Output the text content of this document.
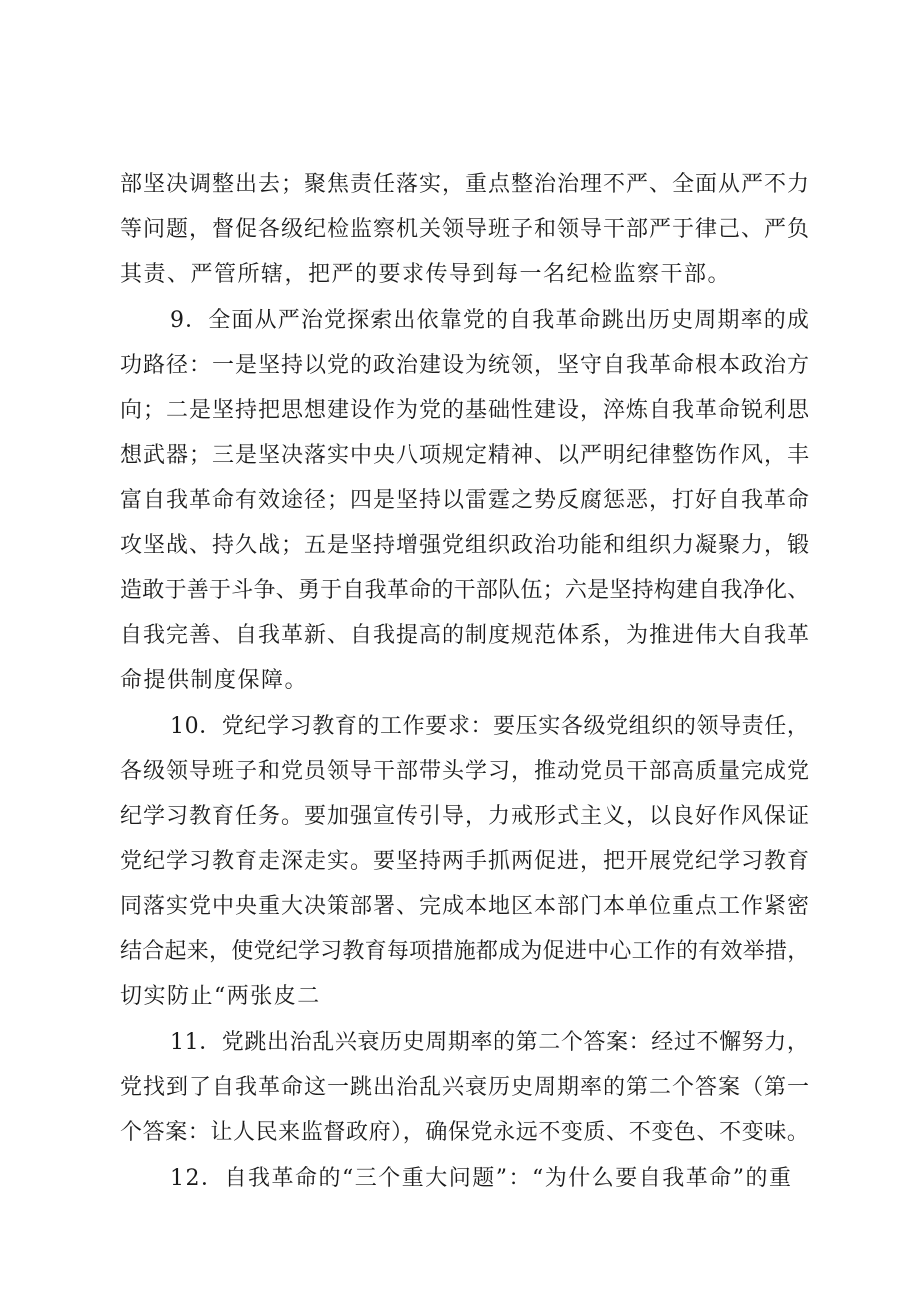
部坚决调整出去；聚焦责任落实，重点整治治理不严、全面从严不力
等问题，督促各级纪检监察机关领导班子和领导干部严于律己、严负
其责、严管所辖，把严的要求传导到每一名纪检监察干部。
9．全面从严治党探索出依靠党的自我革命跳出历史周期率的成
功路径：一是坚持以党的政治建设为统领，坚守自我革命根本政治方
向；二是坚持把思想建设作为党的基础性建设，淬炼自我革命锐利思
想武器；三是坚决落实中央八项规定精神、以严明纪律整饬作风，丰
富自我革命有效途径；四是坚持以雷霆之势反腐惩恶，打好自我革命
攻坚战、持久战；五是坚持增强党组织政治功能和组织力凝聚力，锻
造敢于善于斗争、勇于自我革命的干部队伍；六是坚持构建自我净化、
自我完善、自我革新、自我提高的制度规范体系，为推进伟大自我革
命提供制度保障。
10．党纪学习教育的工作要求：要压实各级党组织的领导责任，
各级领导班子和党员领导干部带头学习，推动党员干部高质量完成党
纪学习教育任务。要加强宣传引导，力戒形式主义，以良好作风保证
党纪学习教育走深走实。要坚持两手抓两促进，把开展党纪学习教育
同落实党中央重大决策部署、完成本地区本部门本单位重点工作紧密
结合起来，使党纪学习教育每项措施都成为促进中心工作的有效举措，
切实防止“两张皮二
11．党跳出治乱兴衰历史周期率的第二个答案：经过不懈努力，
党找到了自我革命这一跳出治乱兴衰历史周期率的第二个答案（第一
个答案：让人民来监督政府），确保党永远不变质、不变色、不变味。
12．自我革命的“三个重大问题”：“为什么要自我革命”的重
